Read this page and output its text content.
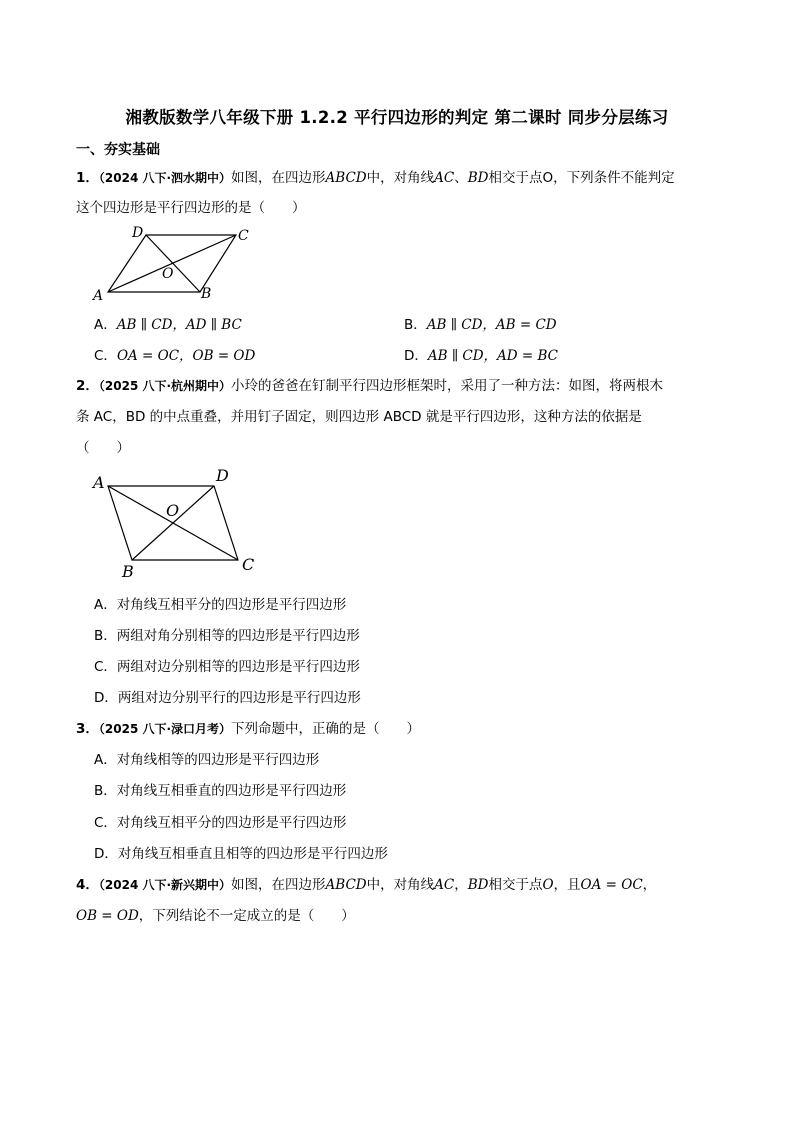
湘教版数学八年级下册 1.2.2 平行四边形的判定 第二课时 同步分层练习
一、夯实基础
1．（2024 八下·泗水期中）如图，在四边形ABCD中，对角线AC、BD相交于点O，下列条件不能判定
这个四边形是平行四边形的是（　　）
A	B
C
D
O
A．AB ∥ CD，AD ∥ BC	B．AB ∥ CD，AB = CD
C．OA = OC，OB = OD	D．AB ∥ CD，AD = BC
2．（2025 八下·杭州期中）小玲的爸爸在钉制平行四边形框架时，采用了一种方法：如图，将两根木
条 AC，BD 的中点重叠，并用钉子固定，则四边形 ABCD 就是平行四边形，这种方法的依据是
（　　）
A
B	C
D
O
A．对角线互相平分的四边形是平行四边形
B．两组对角分别相等的四边形是平行四边形
C．两组对边分别相等的四边形是平行四边形
D．两组对边分别平行的四边形是平行四边形
3．（2025 八下·渌口月考）下列命题中，正确的是（　　）
A．对角线相等的四边形是平行四边形
B．对角线互相垂直的四边形是平行四边形
C．对角线互相平分的四边形是平行四边形
D．对角线互相垂直且相等的四边形是平行四边形
4．（2024 八下·新兴期中）如图，在四边形ABCD中，对角线AC，BD相交于点O，且OA = OC，
OB = OD，下列结论不一定成立的是（　　）
